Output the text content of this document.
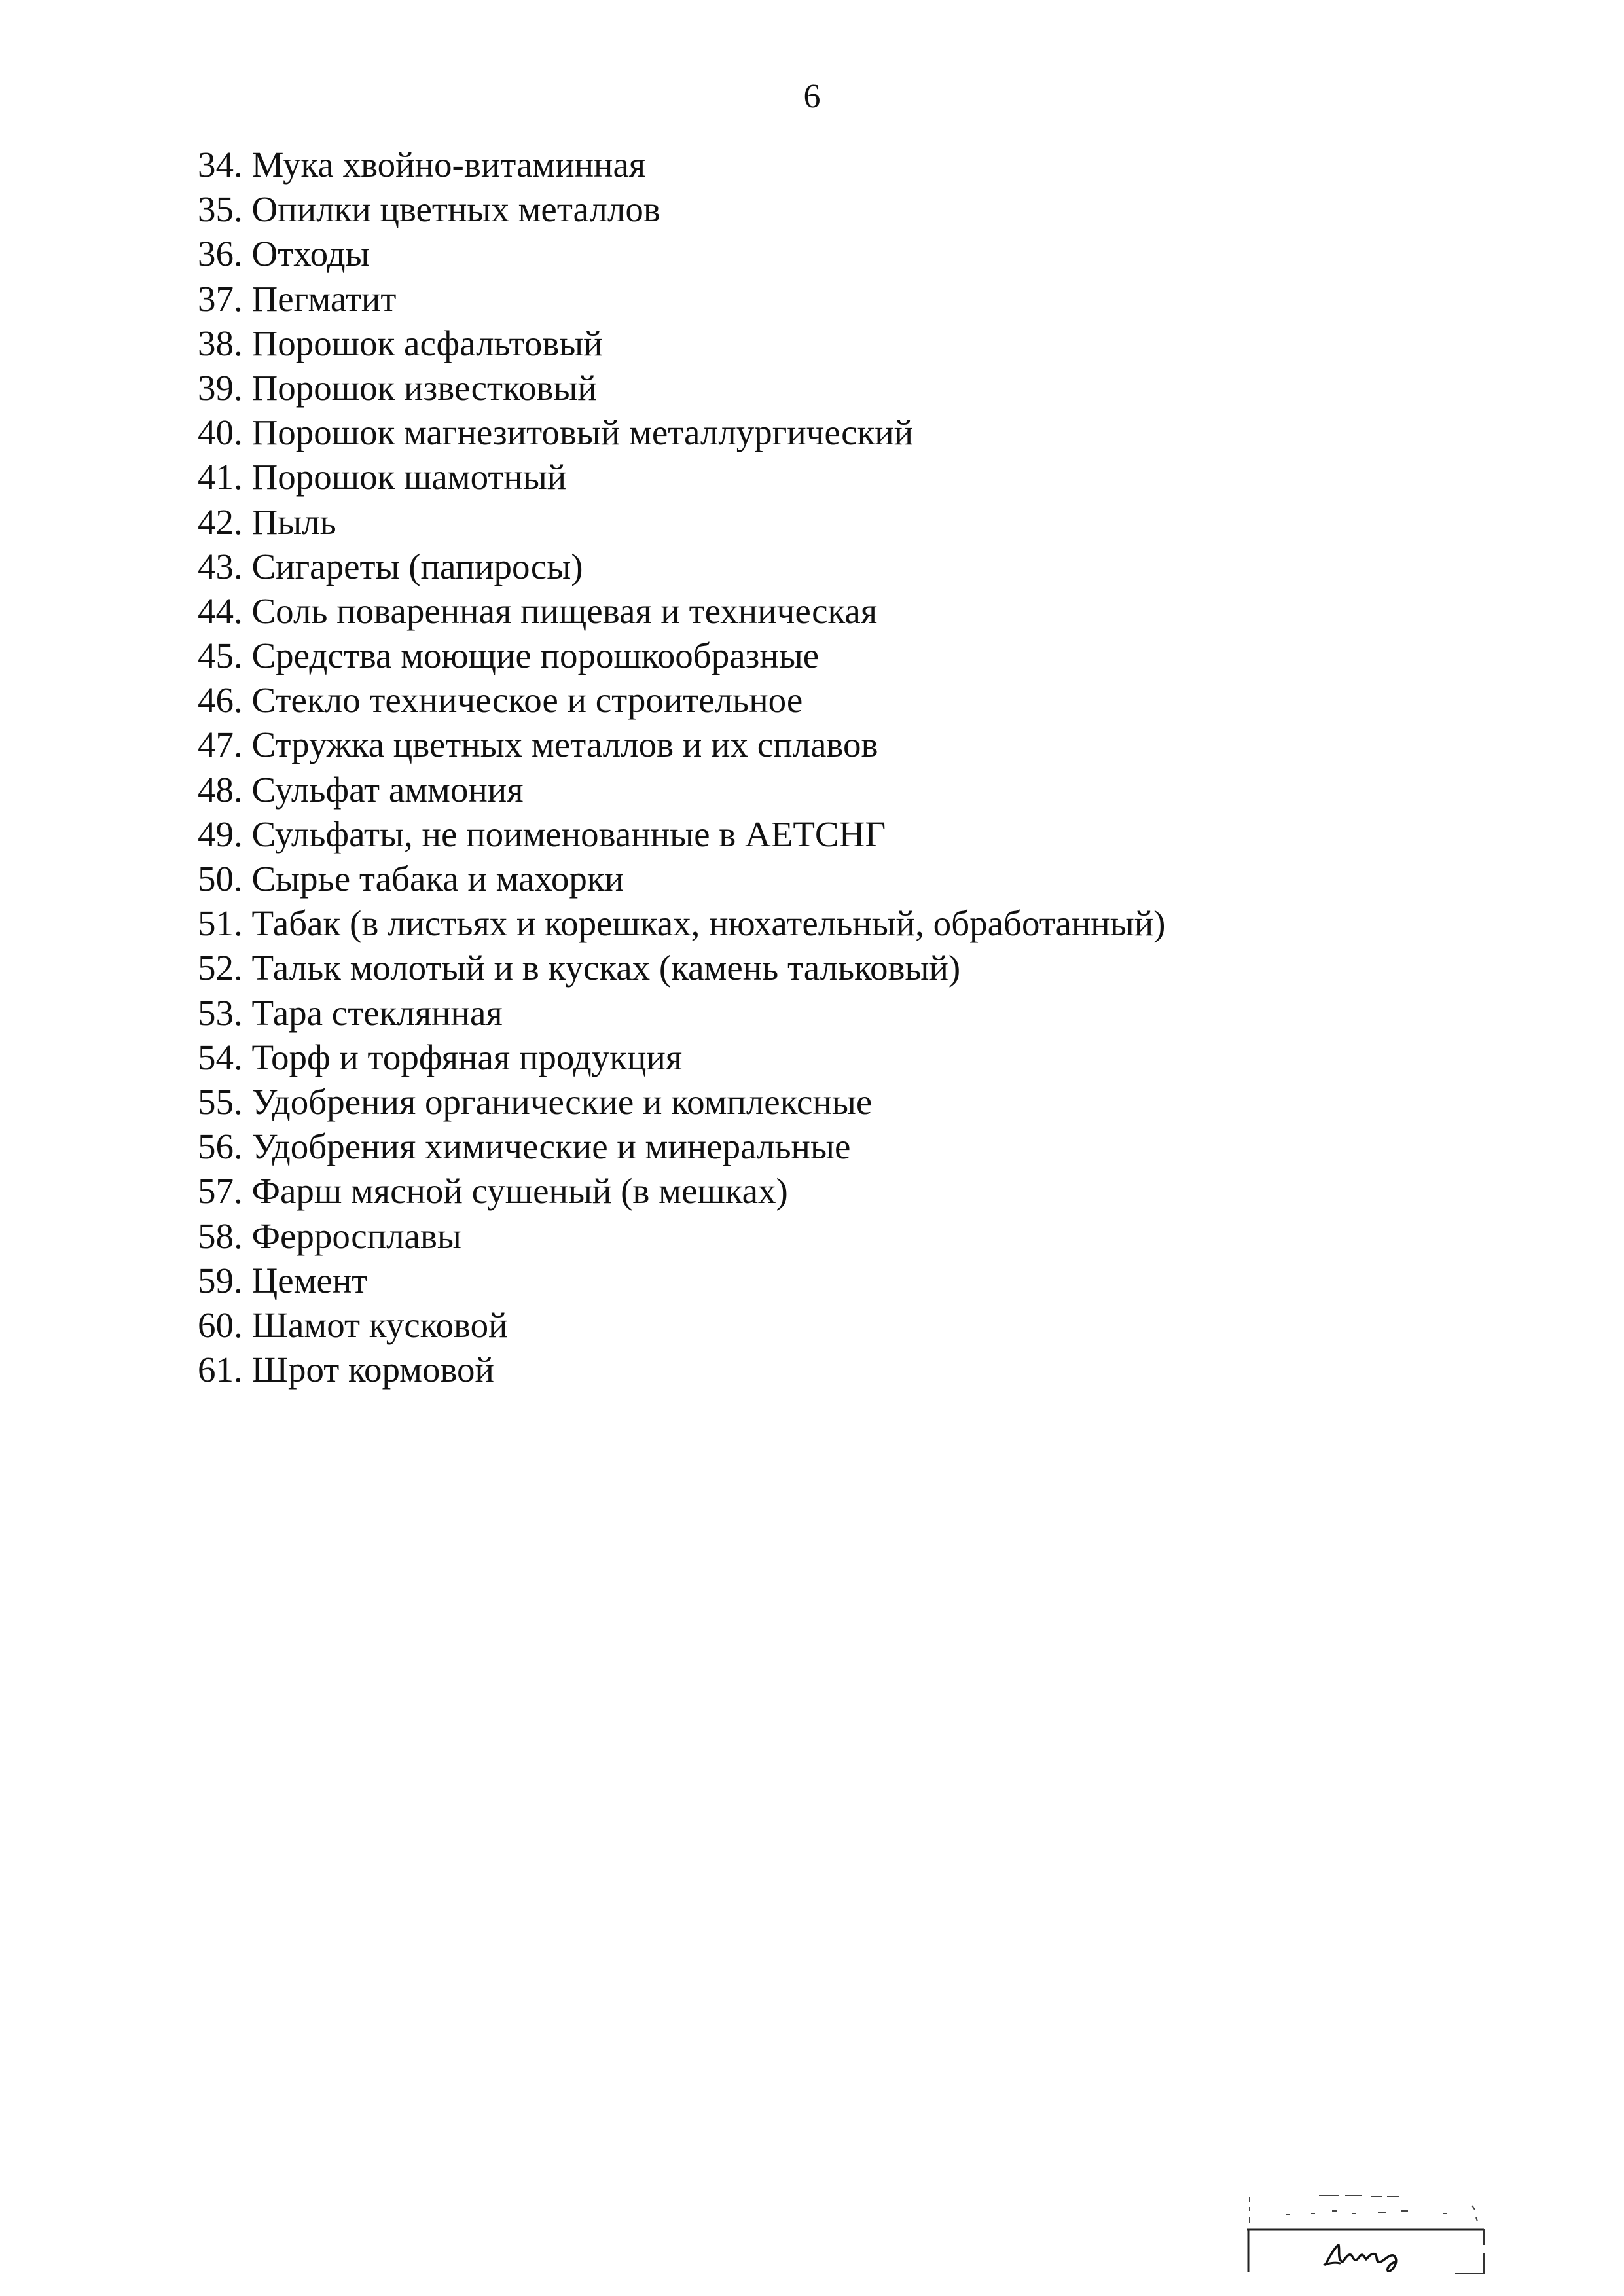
6
34. Мука хвойно-витаминная
35. Опилки цветных металлов
36. Отходы
37. Пегматит
38. Порошок асфальтовый
39. Порошок известковый
40. Порошок магнезитовый металлургический
41. Порошок шамотный
42. Пыль
43. Сигареты (папиросы)
44. Соль поваренная пищевая и техническая
45. Средства моющие порошкообразные
46. Стекло техническое и строительное
47. Стружка цветных металлов и их сплавов
48. Сульфат аммония
49. Сульфаты, не поименованные в АЕТСНГ
50. Сырье табака и махорки
51. Табак (в листьях и корешках, нюхательный, обработанный)
52. Тальк молотый и в кусках (камень тальковый)
53. Тара стеклянная
54. Торф и торфяная продукция
55. Удобрения органические и комплексные
56. Удобрения химические и минеральные
57. Фарш мясной сушеный (в мешках)
58. Ферросплавы
59. Цемент
60. Шамот кусковой
61. Шрот кормовой
